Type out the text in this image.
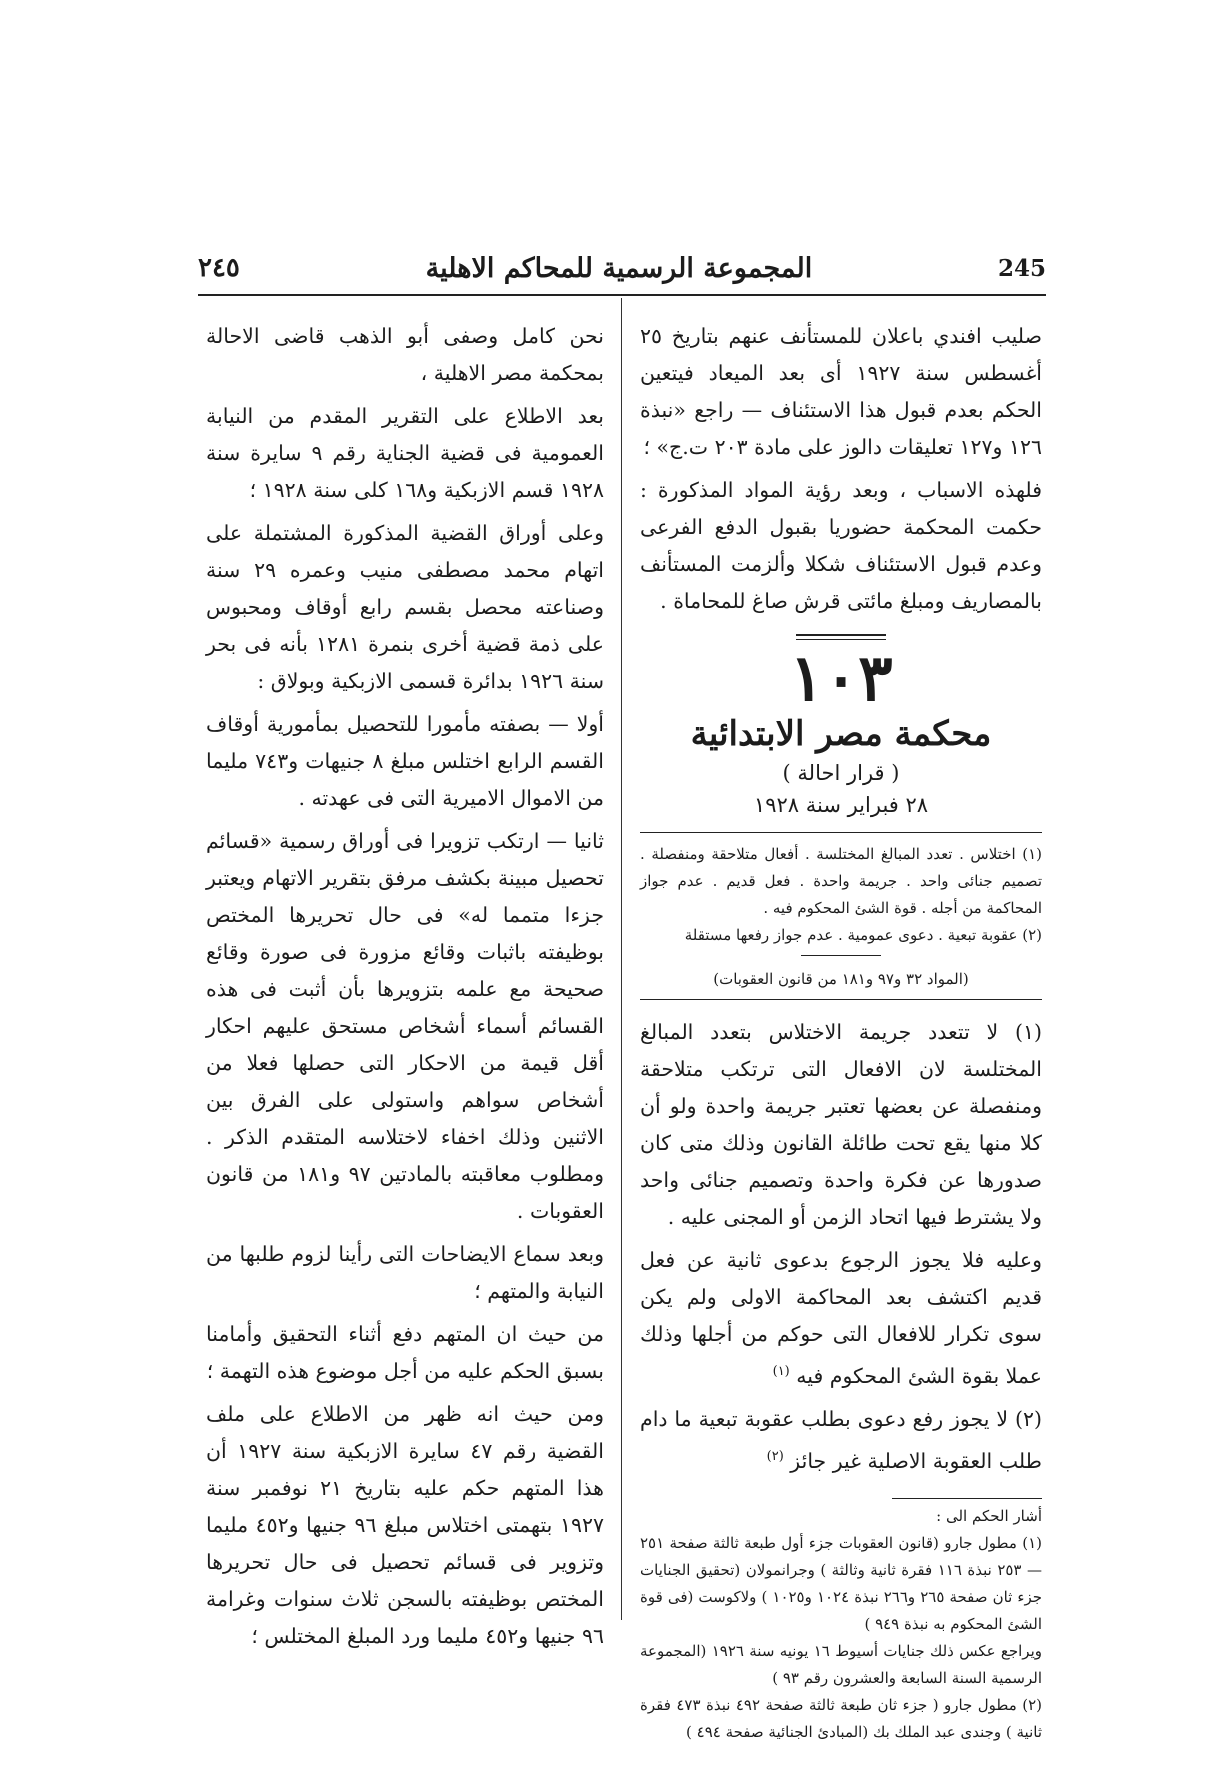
٢٤٥	المجموعة الرسمية للمحاكم الاهلية	245

صليب افندي باعلان للمستأنف عنهم بتاريخ ٢٥ أغسطس سنة ١٩٢٧ أى بعد الميعاد فيتعين الحكم بعدم قبول هذا الاستئناف — راجع «نبذة ١٢٦ و١٢٧ تعليقات دالوز على مادة ٢٠٣ ت.ج» ؛

فلهذه الاسباب ، وبعد رؤية المواد المذكورة : حكمت المحكمة حضوريا بقبول الدفع الفرعى وعدم قبول الاستئناف شكلا وألزمت المستأنف بالمصاريف ومبلغ مائتى قرش صاغ للمحاماة .

١٠٣
محكمة مصر الابتدائية
( قرار احالة )
٢٨ فبراير سنة ١٩٢٨

(١) اختلاس . تعدد المبالغ المختلسة . أفعال متلاحقة ومنفصلة . تصميم جنائى واحد . جريمة واحدة . فعل قديم . عدم جواز المحاكمة من أجله . قوة الشئ المحكوم فيه .

(٢) عقوبة تبعية . دعوى عمومية . عدم جواز رفعها مستقلة

(المواد ٣٢ و٩٧ و١٨١ من قانون العقوبات)

(١) لا تتعدد جريمة الاختلاس بتعدد المبالغ المختلسة لان الافعال التى ترتكب متلاحقة ومنفصلة عن بعضها تعتبر جريمة واحدة ولو أن كلا منها يقع تحت طائلة القانون وذلك متى كان صدورها عن فكرة واحدة وتصميم جنائى واحد ولا يشترط فيها اتحاد الزمن أو المجنى عليه .

وعليه فلا يجوز الرجوع بدعوى ثانية عن فعل قديم اكتشف بعد المحاكمة الاولى ولم يكن سوى تكرار للافعال التى حوكم من أجلها وذلك عملا بقوة الشئ المحكوم فيه $^{(١)}$

(٢) لا يجوز رفع دعوى بطلب عقوبة تبعية ما دام طلب العقوبة الاصلية غير جائز $^{(٢)}$

أشار الحكم الى :

(١) مطول جارو (قانون العقوبات جزء أول طبعة ثالثة صفحة ٢٥١ — ٢٥٣ نبذة ١١٦ فقرة ثانية وثالثة ) وجرانمولان (تحقيق الجنايات جزء ثان صفحة ٢٦٥ و٢٦٦ نبذة ١٠٢٤ و١٠٢٥ ) ولاكوست (فى قوة الشئ المحكوم به نبذة ٩٤٩ )

ويراجع عكس ذلك جنايات أسيوط ١٦ يونيه سنة ١٩٢٦ (المجموعة الرسمية السنة السابعة والعشرون رقم ٩٣ )

(٢) مطول جارو ( جزء ثان طبعة ثالثة صفحة ٤٩٢ نبذة ٤٧٣ فقرة ثانية ) وجندى عبد الملك بك (المبادئ الجنائية صفحة ٤٩٤ )

نحن كامل وصفى أبو الذهب قاضى الاحالة بمحكمة مصر الاهلية ،

بعد الاطلاع على التقرير المقدم من النيابة العمومية فى قضية الجناية رقم ٩ سايرة سنة ١٩٢٨ قسم الازبكية و١٦٨ كلى سنة ١٩٢٨ ؛

وعلى أوراق القضية المذكورة المشتملة على اتهام محمد مصطفى منيب وعمره ٢٩ سنة وصناعته محصل بقسم رابع أوقاف ومحبوس على ذمة قضية أخرى بنمرة ١٢٨١ بأنه فى بحر سنة ١٩٢٦ بدائرة قسمى الازبكية وبولاق :

أولا — بصفته مأمورا للتحصيل بمأمورية أوقاف القسم الرابع اختلس مبلغ ٨ جنيهات و٧٤٣ مليما من الاموال الاميرية التى فى عهدته .

ثانيا — ارتكب تزويرا فى أوراق رسمية «قسائم تحصيل مبينة بكشف مرفق بتقرير الاتهام ويعتبر جزءا متمما له» فى حال تحريرها المختص بوظيفته باثبات وقائع مزورة فى صورة وقائع صحيحة مع علمه بتزويرها بأن أثبت فى هذه القسائم أسماء أشخاص مستحق عليهم احكار أقل قيمة من الاحكار التى حصلها فعلا من أشخاص سواهم واستولى على الفرق بين الاثنين وذلك اخفاء لاختلاسه المتقدم الذكر . ومطلوب معاقبته بالمادتين ٩٧ و١٨١ من قانون العقوبات .

وبعد سماع الايضاحات التى رأينا لزوم طلبها من النيابة والمتهم ؛

من حيث ان المتهم دفع أثناء التحقيق وأمامنا بسبق الحكم عليه من أجل موضوع هذه التهمة ؛

ومن حيث انه ظهر من الاطلاع على ملف القضية رقم ٤٧ سايرة الازبكية سنة ١٩٢٧ أن هذا المتهم حكم عليه بتاريخ ٢١ نوفمبر سنة ١٩٢٧ بتهمتى اختلاس مبلغ ٩٦ جنيها و٤٥٢ مليما وتزوير فى قسائم تحصيل فى حال تحريرها المختص بوظيفته بالسجن ثلاث سنوات وغرامة ٩٦ جنيها و٤٥٢ مليما ورد المبلغ المختلس ؛
